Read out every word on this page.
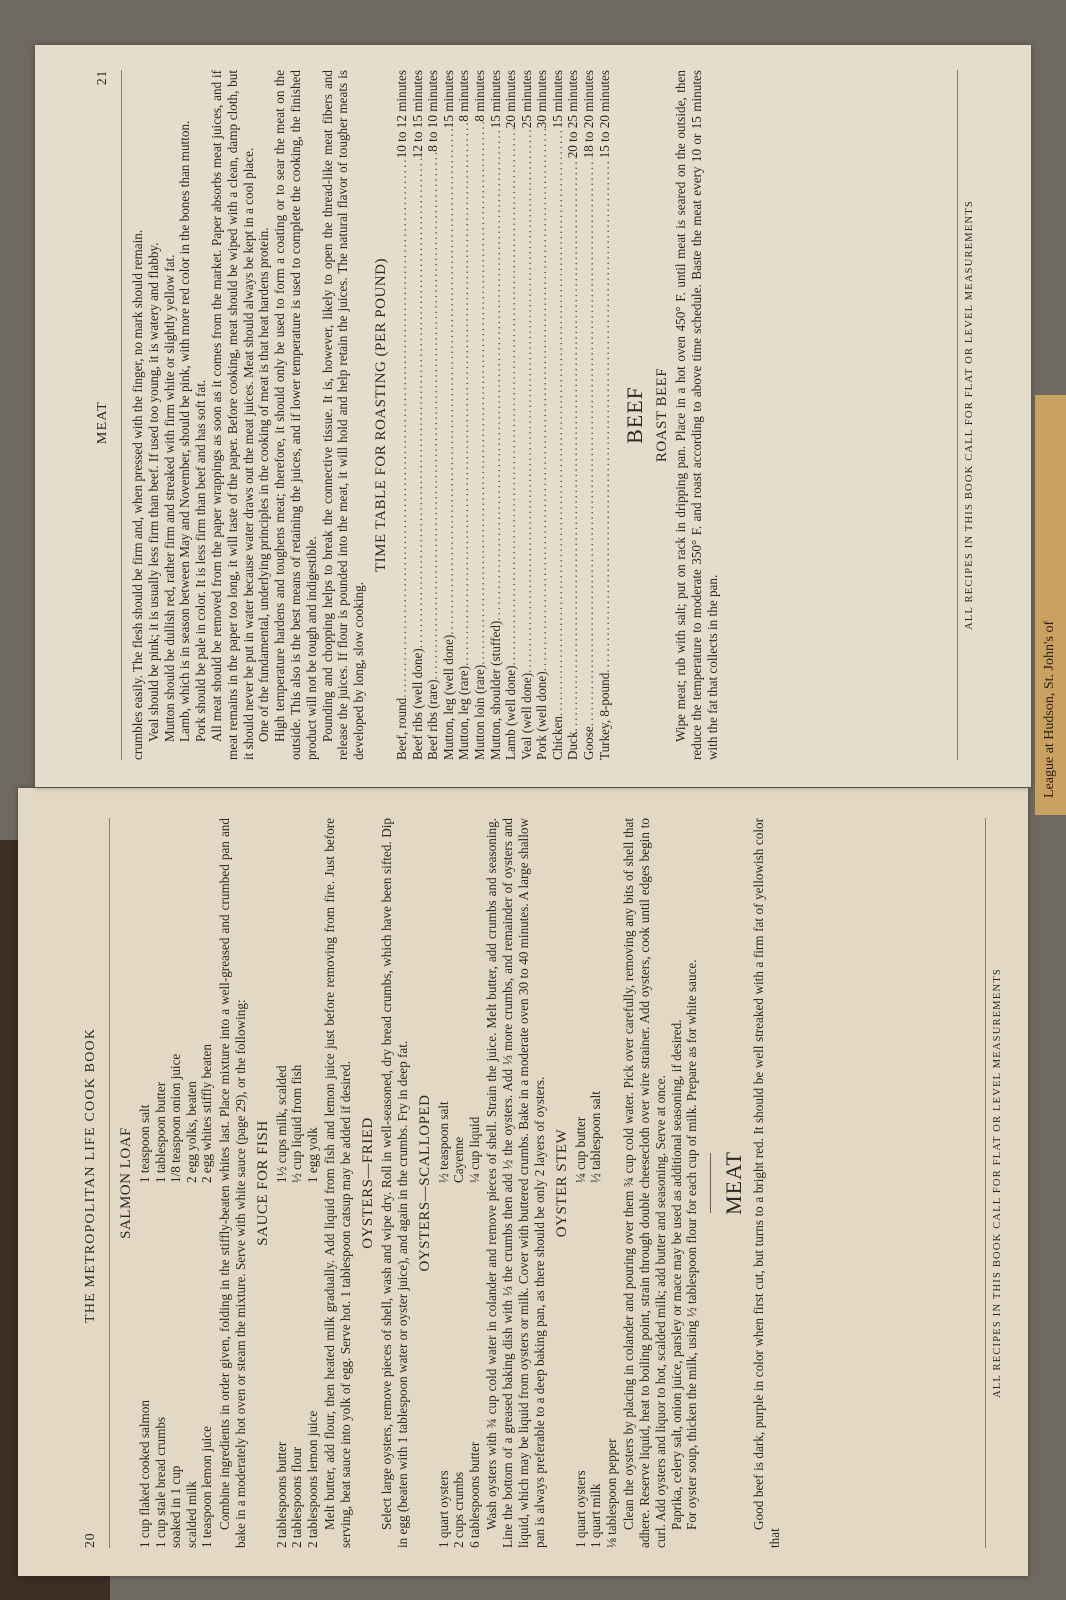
League at Hudson, St. John's of
20
THE METROPOLITAN LIFE COOK BOOK SALMON LOAF
1 cup flaked cooked salmon
1 teaspoon salt
1 cup stale bread crumbs
1 tablespoon butter
soaked in 1 cup
1/8 teaspoon onion juice
scalded milk
2 egg yolks, beaten
1 teaspoon lemon juice
2 egg whites stiffly beaten Combine ingredients in order given, folding in the stiffly-beaten whites last. Place mixture into a well-greased and crumbed pan and bake in a moderately hot oven or steam the mixture. Serve with white sauce (page 29), or the following: SAUCE FOR FISH
2 tablespoons butter
1½ cups milk, scalded
2 tablespoons flour
½ cup liquid from fish
2 tablespoons lemon juice
1 egg yolk Melt butter, add flour, then heated milk gradually. Add liquid from fish and lemon juice just before removing from fire. Just before serving, beat sauce into yolk of egg. Serve hot. 1 tablespoon catsup may be added if desired. OYSTERS—FRIED Select large oysters, remove pieces of shell, wash and wipe dry. Roll in well-seasoned, dry bread crumbs, which have been sifted. Dip in egg (beaten with 1 tablespoon water or oyster juice), and again in the crumbs. Fry in deep fat. OYSTERS—SCALLOPED
1 quart oysters
½ teaspoon salt
2 cups crumbs
Cayenne
6 tablespoons butter
¼ cup liquid Wash oysters with ¾ cup cold water in colander and remove pieces of shell. Strain the juice. Melt butter, add crumbs and seasoning. Line the bottom of a greased baking dish with ⅓ the crumbs then add ½ the oysters. Add ⅓ more crumbs, and remainder of oysters and liquid, which may be liquid from oysters or milk. Cover with buttered crumbs. Bake in a moderate oven 30 to 40 minutes. A large shallow pan is always preferable to a deep baking pan, as there should be only 2 layers of oysters. OYSTER STEW
1 quart oysters
¼ cup butter
1 quart milk
½ tablespoon salt
⅛ tablespoon pepper Clean the oysters by placing in colander and pouring over them ¾ cup cold water. Pick over carefully, removing any bits of shell that adhere. Reserve liquid, heat to boiling point, strain through double cheesecloth over wire strainer. Add oysters, cook until edges begin to curl. Add oysters and liquor to hot, scalded milk; add butter and seasoning. Serve at once. Paprika, celery salt, onion juice, parsley or mace may be used as additional seasoning, if desired. For oyster soup, thicken the milk, using ½ tablespoon flour for each cup of milk. Prepare as for white sauce. MEAT Good beef is dark, purple in color when first cut, but turns to a bright red. It should be well streaked with a firm fat of yellowish color that

ALL RECIPES IN THIS BOOK CALL FOR FLAT OR LEVEL MEASUREMENTS
MEAT
21

crumbles easily. The flesh should be firm and, when pressed with the finger, no mark should remain. Veal should be pink; it is usually less firm than beef. If used too young, it is watery and flabby. Mutton should be dullish red, rather firm and streaked with firm white or slightly yellow fat. Lamb, which is in season between May and November, should be pink, with more red color in the bones than mutton. Pork should be pale in color. It is less firm than beef and has soft fat. All meat should be removed from the paper wrappings as soon as it comes from the market. Paper absorbs meat juices, and if meat remains in the paper too long, it will taste of the paper. Before cooking, meat should be wiped with a clean, damp cloth, but it should never be put in water because water draws out the meat juices. Meat should always be kept in a cool place. One of the fundamental, underlying principles in the cooking of meat is that heat hardens protein. High temperature hardens and toughens meat; therefore, it should only be used to form a coating or to sear the meat on the outside. This also is the best means of retaining the juices, and if lower temperature is used to complete the cooking, the finished product will not be tough and indigestible. Pounding and chopping helps to break the connective tissue. It is, however, likely to open the thread-like meat fibers and release the juices. If flour is pounded into the meat, it will hold and help retain the juices. The natural flavor of tougher meats is developed by long, slow cooking.

TIME TABLE FOR ROASTING (PER POUND)
Beef, round
.....
10 to 12 minutes
Beef ribs (well done)
.....
12 to 15 minutes
Beef ribs (rare)
.....
8 to 10 minutes
Mutton, leg (well done)
.....
15 minutes
Mutton, leg (rare)
.....
8 minutes
Mutton loin (rare)
.....
8 minutes
Mutton, shoulder (stuffed)
.....
15 minutes
Lamb (well done)
.....
20 minutes
Veal (well done)
.....
25 minutes
Pork (well done)
.....
30 minutes
Chicken
.....
15 minutes
Duck
.....
20 to 25 minutes
Goose
.....
18 to 20 minutes
Turkey, 8-pound
.....
15 to 20 minutes
BEEF ROAST BEEF Wipe meat; rub with salt; put on rack in dripping pan. Place in a hot oven 450° F. until meat is seared on the outside, then reduce the temperature to moderate 350° F. and roast according to above time schedule. Baste the meat every 10 or 15 minutes with the fat that collects in the pan.

ALL RECIPES IN THIS BOOK CALL FOR FLAT OR LEVEL MEASUREMENTS
